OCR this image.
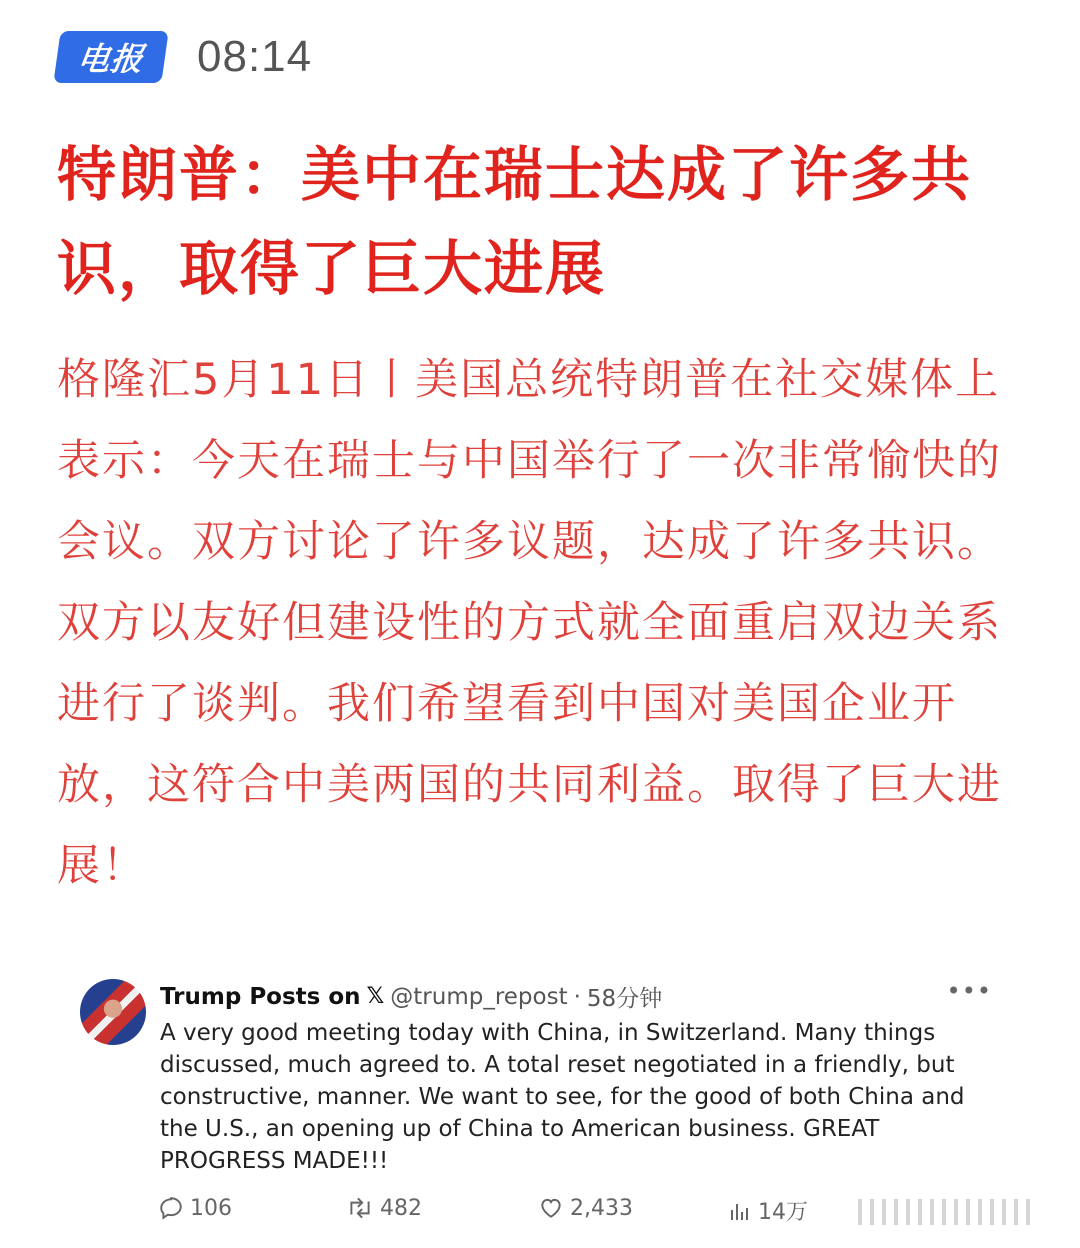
电报	08:14
特朗普：美中在瑞士达成了许多共识，取得了巨大进展

格隆汇5月11日丨美国总统特朗普在社交媒体上表示：今天在瑞士与中国举行了一次非常愉快的会议。双方讨论了许多议题，达成了许多共识。双方以友好但建设性的方式就全面重启双边关系进行了谈判。我们希望看到中国对美国企业开放，这符合中美两国的共同利益。取得了巨大进展！

Trump Posts on 𝕏 @trump_repost · 58分钟	•••

A very good meeting today with China, in Switzerland. Many things discussed, much agreed to. A total reset negotiated in a friendly, but constructive, manner. We want to see, for the good of both China and the U.S., an opening up of China to American business. GREAT PROGRESS MADE!!!

106	482	2,433	14万
